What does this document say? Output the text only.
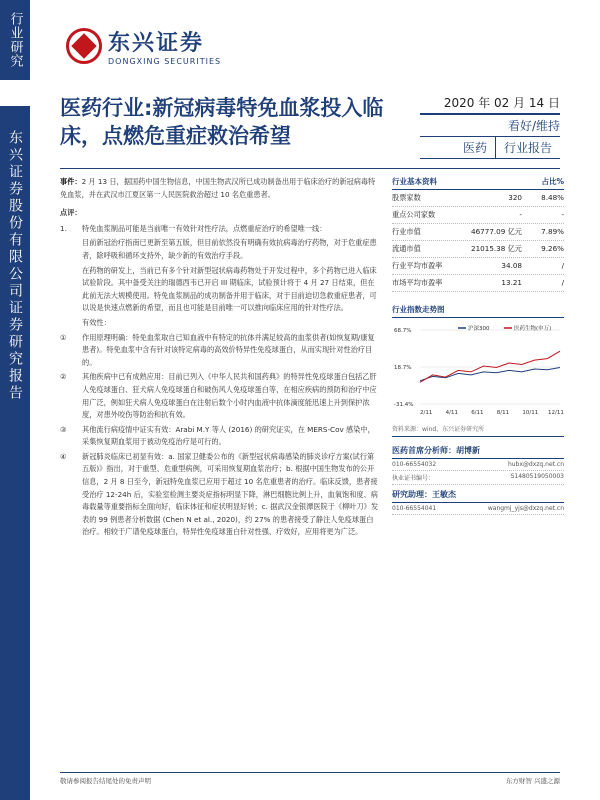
行业研究
东兴证券股份有限公司证券研究报告
东兴证券
DONGXING SECURITIES
医药行业:新冠病毒特免血浆投入临床，点燃危重症救治希望
2020 年 02 月 14 日
看好/维持
医药	行业报告

事件：2 月 13 日，据国药中国生物信息，中国生物武汉所已成功制备出用于临床治疗的新冠病毒特免血浆，并在武汉市江夏区第一人民医院救治超过 10 名危重患者。

点评：

1.	特免血浆制品可能是当前唯一有效针对性疗法，点燃重症治疗的希望唯一线：
目前新冠治疗指南已更新至第五版，但目前依然没有明确有效抗病毒治疗药物，对于危重症患者，除呼吸和循环支持外，缺少新的有效治疗手段。
在药物的研发上，当前已有多个针对新型冠状病毒药物处于开发过程中，多个药物已进入临床试验阶段。其中备受关注的瑞德西韦已开启 III 期临床，试验预计将于 4 月 27 日结束，但在此前无法大规模使用。特免血浆制品的成功制备并用于临床，对于目前迫切急救重症患者，可以说是快速点燃新的希望，而且也可能是目前唯一可以推向临床应用的针对性疗法。
有效性：
①	作用原理明确：特免血浆取自已知血液中有特定的抗体并满足较高的血浆供者(如恢复期/康复患者)。特免血浆中含有针对该特定病毒的高效价特异性免疫球蛋白，从而实现针对性治疗目的。
②	其他疾病中已有成熟应用：目前已列入《中华人民共和国药典》的特异性免疫球蛋白包括乙肝人免疫球蛋白、狂犬病人免疫球蛋白和破伤风人免疫球蛋白等，在相应疾病的预防和治疗中应用广泛，例如狂犬病人免疫球蛋白在注射后数个小时内血液中抗体滴度能迅速上升到保护浓度，对患外咬伤等防治和抗有效。
③	其他流行病疫情中证实有效：Arabi M.Y 等人 (2016) 的研究证实，在 MERS-Cov 感染中，采集恢复期血浆用于被动免疫治疗是可行的。
④	新冠肺炎临床已初显有效：a. 国家卫健委公布的《新型冠状病毒感染的肺炎诊疗方案(试行第五版)》指出，对于重型、危重型病例，可采用恢复期血浆治疗；b. 根据中国生物发布的公开信息，2 月 8 日至今，新冠特免血浆已应用于超过 10 名危重患者的治疗。临床反馈，患者接受治疗 12-24h 后，实验室检测主要炎症指标明显下降，淋巴细胞比例上升，血氧饱和度、病毒载量等重要指标全面向好，临床体征和症状明显好转；c. 据武汉金银潭医院于《柳叶刀》发表的 99 例患者分析数据 (Chen N et al., 2020)，约 27% 的患者接受了静注人免疫球蛋白治疗。相较于广谱免疫球蛋白，特异性免疫球蛋白针对性强、疗效好，应用将更为广泛。
行业基本资料	占比%
股票家数	320	8.48%
重点公司家数	-	-
行业市值	46777.09 亿元	7.89%
流通市值	21015.38 亿元	9.26%
行业平均市盈率	34.08	/
市场平均市盈率	13.21	/
行业指数走势图
68.7%
18.7%
-31.4%
2/11 4/11 6/11 8/11 10/11 12/11
沪深300	医药生物(申万)
资料来源：wind、东兴证券研究所
医药首席分析师：胡博新
010-66554032	hubx@dxzq.net.cn
执业证书编号：	S1480519050003
研究助理：王敏杰
010-66554041	wangmj_yjs@dxzq.net.cn
敬请参阅报告结尾处的免责声明	东方财智 兴盛之源
